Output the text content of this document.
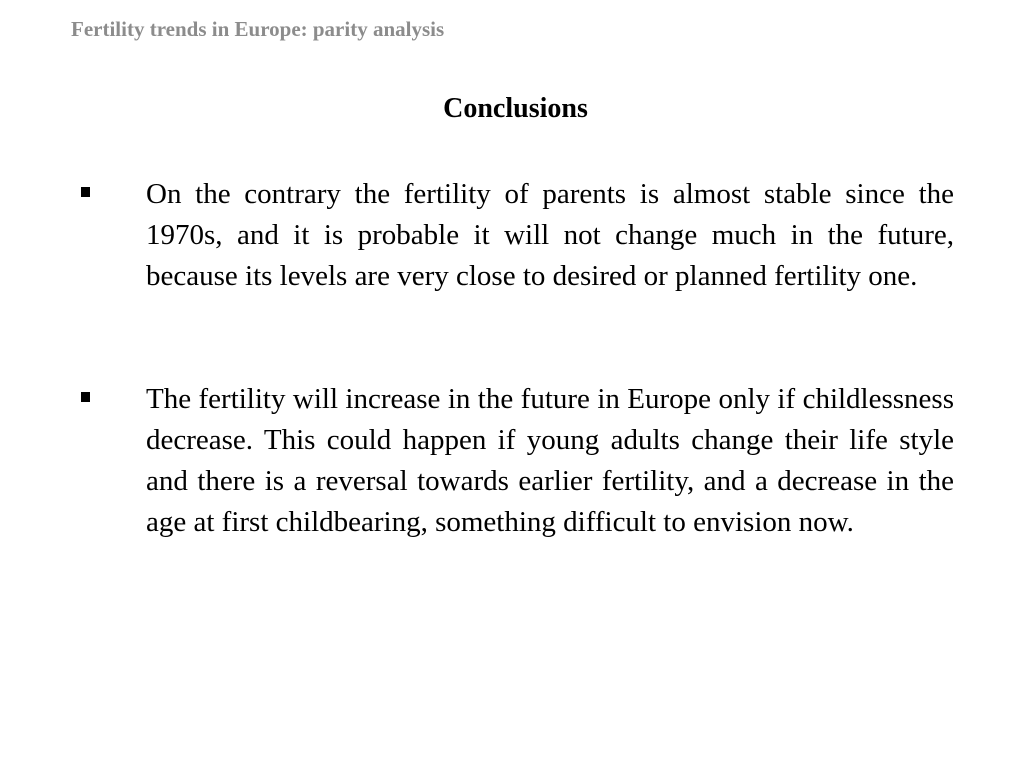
Fertility trends in Europe: parity analysis
Conclusions
On the contrary the fertility of parents is almost stable since the 1970s, and it is probable it will not change much in the future, because its levels are very close to desired or planned fertility one.
The fertility will increase in the future in Europe only if childlessness decrease. This could happen if young adults change their life style and there is a reversal towards earlier fertility, and a decrease in the age at first childbearing, something difficult to envision now.
